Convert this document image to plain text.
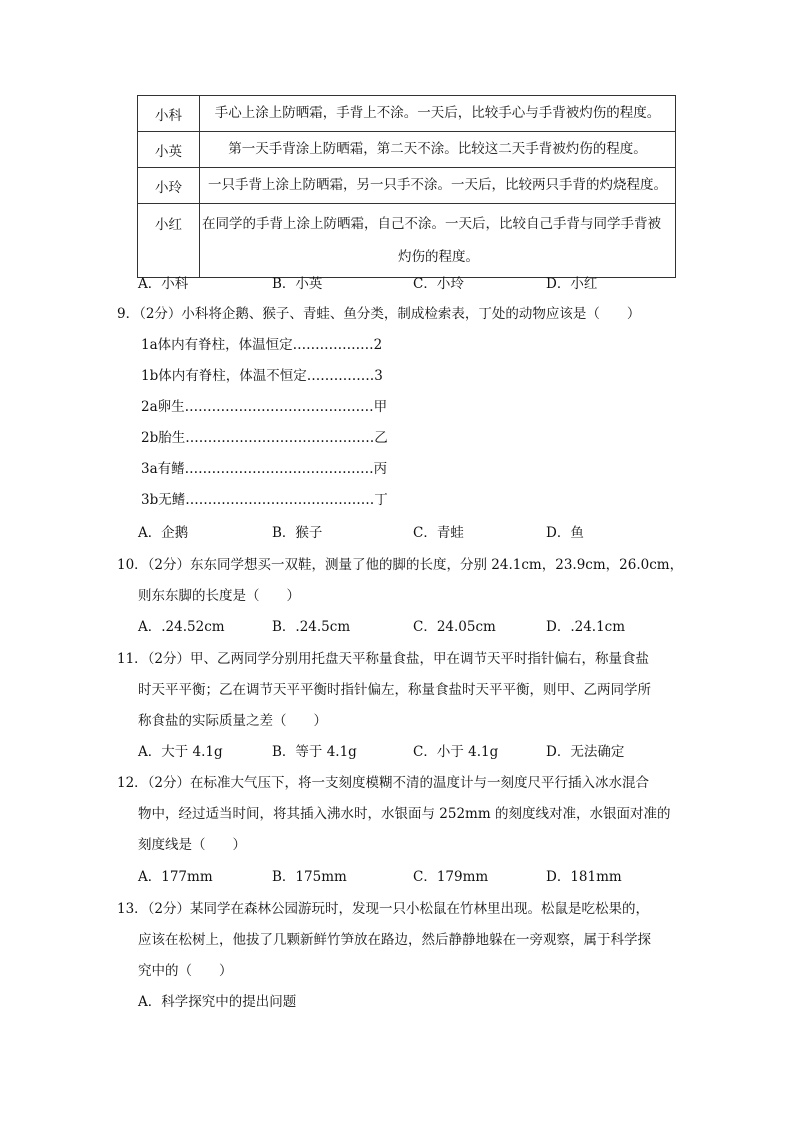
小科	手心上涂上防晒霜，手背上不涂。一天后，比较手心与手背被灼伤的程度。
小英	第一天手背涂上防晒霜，第二天不涂。比较这二天手背被灼伤的程度。
小玲	一只手背上涂上防晒霜，另一只手不涂。一天后，比较两只手背的灼烧程度。
小红	在同学的手背上涂上防晒霜，自己不涂。一天后，比较自己手背与同学手背被
灼伤的程度。
A．小科	B．小英	C．小玲	D．小红
9．（2分）小科将企鹅、猴子、青蛙、鱼分类，制成检索表，丁处的动物应该是（　　）
1a体内有脊柱，体温恒定………………2
1b体内有脊柱，体温不恒定……………3
2a卵生……………………………………甲
2b胎生……………………………………乙
3a有鳍……………………………………丙
3b无鳍……………………………………丁
A．企鹅	B．猴子	C．青蛙	D．鱼
10．（2分）东东同学想买一双鞋，测量了他的脚的长度，分别 24.1cm，23.9cm，26.0cm，
则东东脚的长度是（　　）
A．.24.52cm	B．.24.5cm	C．24.05cm	D．.24.1cm
11．（2分）甲、乙两同学分别用托盘天平称量食盐，甲在调节天平时指针偏右，称量食盐
时天平平衡；乙在调节天平平衡时指针偏左，称量食盐时天平平衡，则甲、乙两同学所
称食盐的实际质量之差（　　）
A．大于 4.1g	B．等于 4.1g	C．小于 4.1g	D．无法确定
12．（2分）在标准大气压下，将一支刻度模糊不清的温度计与一刻度尺平行插入冰水混合
物中，经过适当时间，将其插入沸水时，水银面与 252mm 的刻度线对准，水银面对准的
刻度线是（　　）
A．177mm	B．175mm	C．179mm	D．181mm
13．（2分）某同学在森林公园游玩时，发现一只小松鼠在竹林里出现。松鼠是吃松果的，
应该在松树上，他拔了几颗新鲜竹笋放在路边，然后静静地躲在一旁观察，属于科学探
究中的（　　）
A．科学探究中的提出问题
